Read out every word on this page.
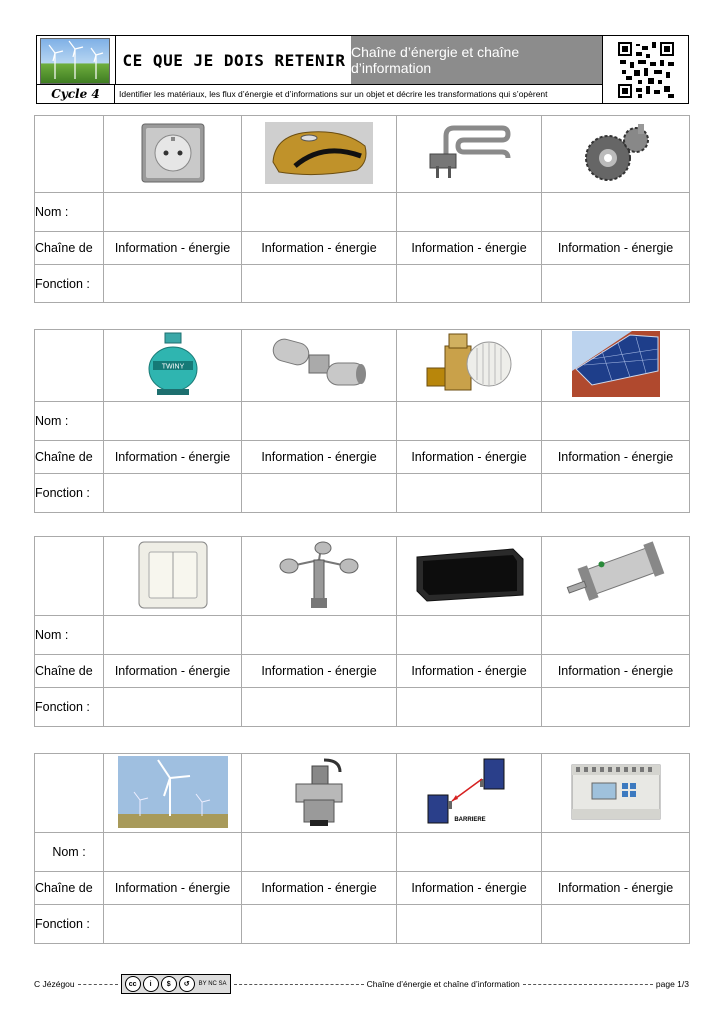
CE QUE JE DOIS RETENIR Chaîne d’énergie et chaîne d’information
Cycle 4	Identifier les matériaux, les flux d’énergie et d’informations sur un objet et décrire les transformations qui s’opèrent

Nom :				
Chaîne de	Information - énergie	Information - énergie	Information - énergie	Information - énergie
Fonction :				

TWINY

Nom :				
Chaîne de	Information - énergie	Information - énergie	Information - énergie	Information - énergie
Fonction :				

Nom :				
Chaîne de	Information - énergie	Information - énergie	Information - énergie	Information - énergie
Fonction :				

BARRIERE

Nom :				
Chaîne de	Information - énergie	Information - énergie	Information - énergie	Information - énergie
Fonction :				
C Jézégou	cc	i	$	↺	BY NC SA	Chaîne d’énergie et chaîne d’information	page 1/3
